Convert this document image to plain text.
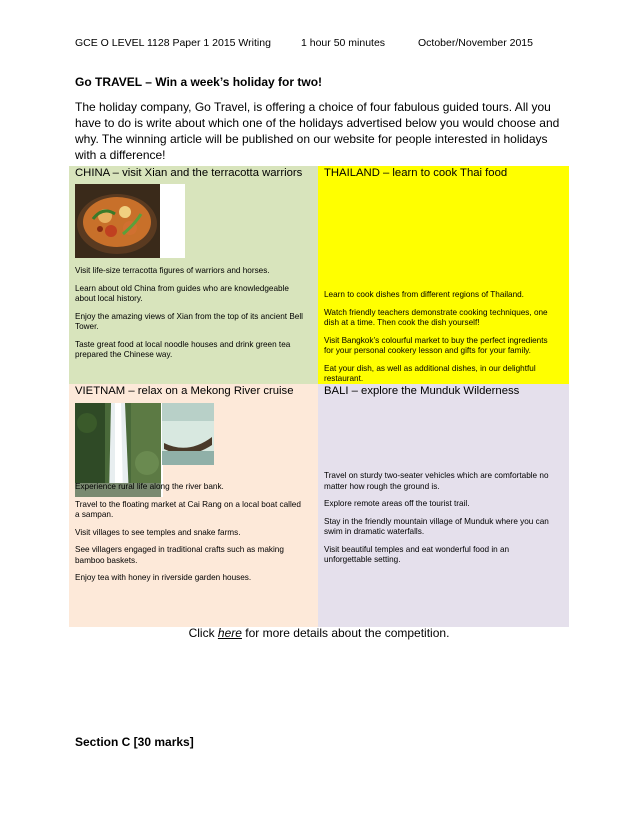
GCE O LEVEL 1128 Paper 1 2015 Writing	1 hour 50 minutes	October/November 2015
Go TRAVEL – Win a week’s holiday for two!
The holiday company, Go Travel, is offering a choice of four fabulous guided tours. All you have to do is write about which one of the holidays advertised below you would choose and why. The winning article will be published on our website for people interested in holidays with a difference!
CHINA – visit Xian and the terracotta warriors

Visit life-size terracotta figures of warriors and horses.

Learn about old China from guides who are knowledgeable about local history.

Enjoy the amazing views of Xian from the top of its ancient Bell Tower.

Taste great food at local noodle houses and drink green tea prepared the Chinese way.

THAILAND – learn to cook Thai food

Learn to cook dishes from different regions of Thailand.

Watch friendly teachers demonstrate cooking techniques, one dish at a time. Then cook the dish yourself!

Visit Bangkok’s colourful market to buy the perfect ingredients for your personal cookery lesson and gifts for your family.

Eat your dish, as well as additional dishes, in our delightful restaurant.

VIETNAM – relax on a Mekong River cruise

Experience rural life along the river bank.

Travel to the floating market at Cai Rang on a local boat called a sampan.

Visit villages to see temples and snake farms.

See villagers engaged in traditional crafts such as making bamboo baskets.

Enjoy tea with honey in riverside garden houses.

BALI – explore the Munduk Wilderness

Travel on sturdy two-seater vehicles which are comfortable no matter how rough the ground is.

Explore remote areas off the tourist trail.

Stay in the friendly mountain village of Munduk where you can swim in dramatic waterfalls.

Visit beautiful temples and eat wonderful food in an unforgettable setting.

Click here for more details about the competition.
Section C [30 marks]
